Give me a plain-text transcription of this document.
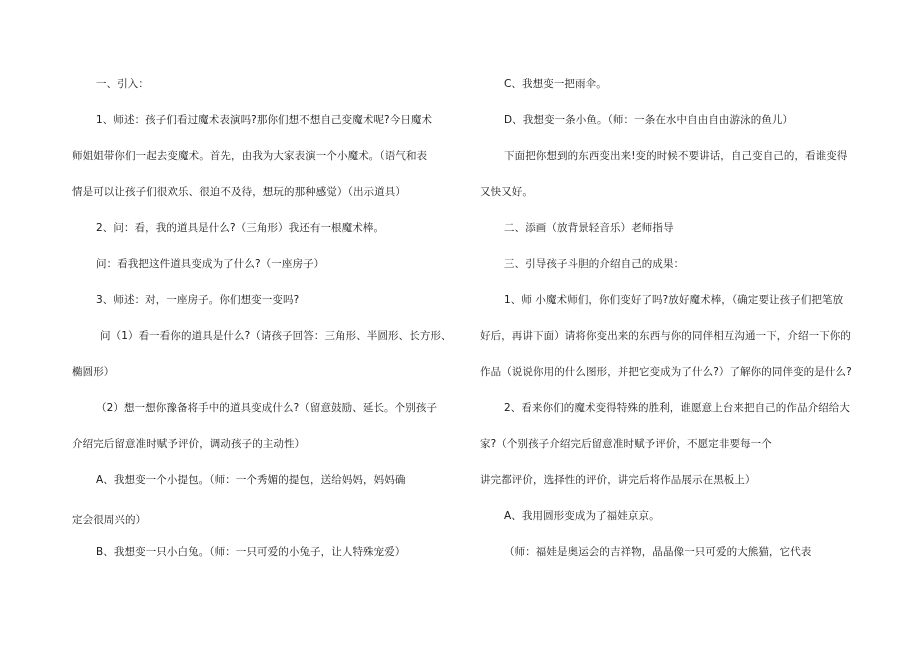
一、引入：
1、师述：孩子们看过魔术表演吗?那你们想不想自己变魔术呢?今日魔术
师姐姐带你们一起去变魔术。首先，由我为大家表演一个小魔术。（语气和表
情是可以让孩子们很欢乐、很迫不及待，想玩的那种感觉）（出示道具）
2、问：看，我的道具是什么?（三角形）我还有一根魔术棒。
问：看我把这件道具变成为了什么?（一座房子）
3、师述：对，一座房子。你们想变一变吗?
问（1）看一看你的道具是什么?（请孩子回答：三角形、半圆形、长方形、
椭圆形）
（2）想一想你豫备将手中的道具变成什么?（留意鼓励、延长。个别孩子
介绍完后留意准时赋予评价，调动孩子的主动性）
A、我想变一个小提包。（师：一个秀媚的提包，送给妈妈，妈妈确
定会很周兴的）
B、我想变一只小白兔。（师：一只可爱的小兔子，让人特殊宠爱）
C、我想变一把雨伞。
D、我想变一条小鱼。（师：一条在水中自由自由游泳的鱼儿）
下面把你想到的东西变出来!变的时候不要讲话，自己变自己的，看谁变得
又快又好。
二、添画（放背景轻音乐）老师指导
三、引导孩子斗胆的介绍自己的成果：
1、师 小魔术师们，你们变好了吗?放好魔术棒，（确定要让孩子们把笔放
好后，再讲下面）请将你变出来的东西与你的同伴相互沟通一下，介绍一下你的
作品（说说你用的什么图形，并把它变成为了什么?）了解你的同伴变的是什么?
2、看来你们的魔术变得特殊的胜利，谁愿意上台来把自己的作品介绍给大
家?（个别孩子介绍完后留意准时赋予评价，不愿定非要每一个
讲完都评价，选择性的评价，讲完后将作品展示在黑板上）
A、我用圆形变成为了福娃京京。
（师：福娃是奥运会的吉祥物，晶晶像一只可爱的大熊猫，它代表
